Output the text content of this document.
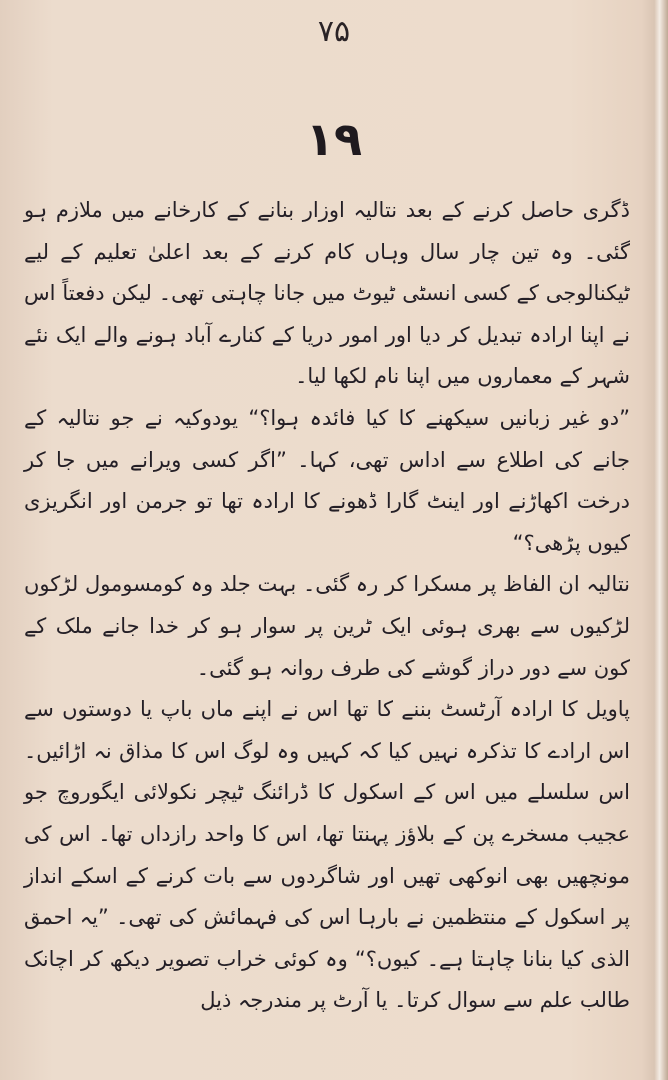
۷۵
۱۹

ڈگری حاصل کرنے کے بعد نتالیہ اوزار بنانے کے کارخانے میں ملازم ہو گئی۔ وہ تین چار سال وہاں کام کرنے کے بعد اعلیٰ تعلیم کے لیے ٹیکنالوجی کے کسی انسٹی ٹیوٹ میں جانا چاہتی تھی۔ لیکن دفعتاً اس نے اپنا ارادہ تبدیل کر دیا اور امور دریا کے کنارے آباد ہونے والے ایک نئے شہر کے معماروں میں اپنا نام لکھا لیا۔

”دو غیر زبانیں سیکھنے کا کیا فائدہ ہوا؟“ یودوکیہ نے جو نتالیہ کے جانے کی اطلاع سے اداس تھی، کہا۔ ”اگر کسی ویرانے میں جا کر درخت اکھاڑنے اور اینٹ گارا ڈھونے کا ارادہ تھا تو جرمن اور انگریزی کیوں پڑھی؟“

نتالیہ ان الفاظ پر مسکرا کر رہ گئی۔ بہت جلد وہ کومسومول لڑکوں لڑکیوں سے بھری ہوئی ایک ٹرین پر سوار ہو کر خدا جانے ملک کے کون سے دور دراز گوشے کی طرف روانہ ہو گئی۔

پاویل کا ارادہ آرٹسٹ بننے کا تھا اس نے اپنے ماں باپ یا دوستوں سے اس ارادے کا تذکرہ نہیں کیا کہ کہیں وہ لوگ اس کا مذاق نہ اڑائیں۔ اس سلسلے میں اس کے اسکول کا ڈرائنگ ٹیچر نکولائی ایگوروچ جو عجیب مسخرے پن کے بلاؤز پہنتا تھا، اس کا واحد رازداں تھا۔ اس کی مونچھیں بھی انوکھی تھیں اور شاگردوں سے بات کرنے کے اسکے انداز پر اسکول کے منتظمین نے بارہا اس کی فہمائش کی تھی۔ ”یہ احمق الذی کیا بنانا چاہتا ہے۔ کیوں؟“ وہ کوئی خراب تصویر دیکھ کر اچانک طالب علم سے سوال کرتا۔ یا آرٹ پر مندرجہ ذیل
